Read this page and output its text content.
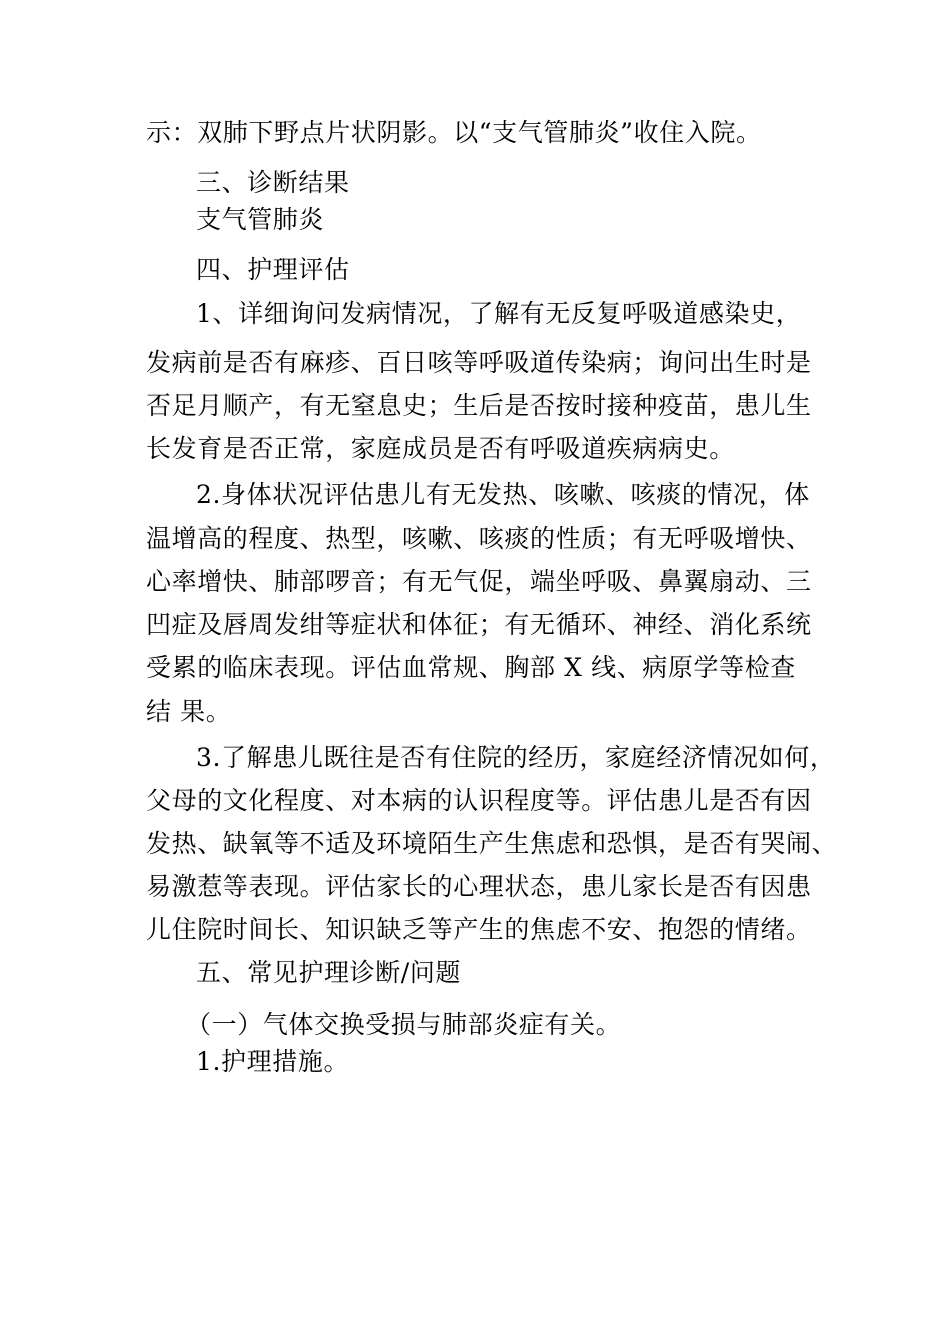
示：双肺下野点片状阴影。以“支气管肺炎”收住入院。
三、诊断结果
支气管肺炎
四、护理评估
1、详细询问发病情况，了解有无反复呼吸道感染史，
发病前是否有麻疹、百日咳等呼吸道传染病；询问出生时是
否足月顺产，有无窒息史；生后是否按时接种疫苗，患儿生
长发育是否正常，家庭成员是否有呼吸道疾病病史。
2.身体状况评估患儿有无发热、咳嗽、咳痰的情况，体
温增高的程度、热型，咳嗽、咳痰的性质；有无呼吸增快、
心率增快、肺部啰音；有无气促，端坐呼吸、鼻翼扇动、三
凹症及唇周发绀等症状和体征；有无循环、神经、消化系统
受累的临床表现。评估血常规、胸部 X 线、病原学等检查
结 果。
3.了解患儿既往是否有住院的经历，家庭经济情况如何，
父母的文化程度、对本病的认识程度等。评估患儿是否有因
发热、缺氧等不适及环境陌生产生焦虑和恐惧，是否有哭闹、
易激惹等表现。评估家长的心理状态，患儿家长是否有因患
儿住院时间长、知识缺乏等产生的焦虑不安、抱怨的情绪。
五、常见护理诊断/问题
（一）气体交换受损与肺部炎症有关。
1.护理措施。
